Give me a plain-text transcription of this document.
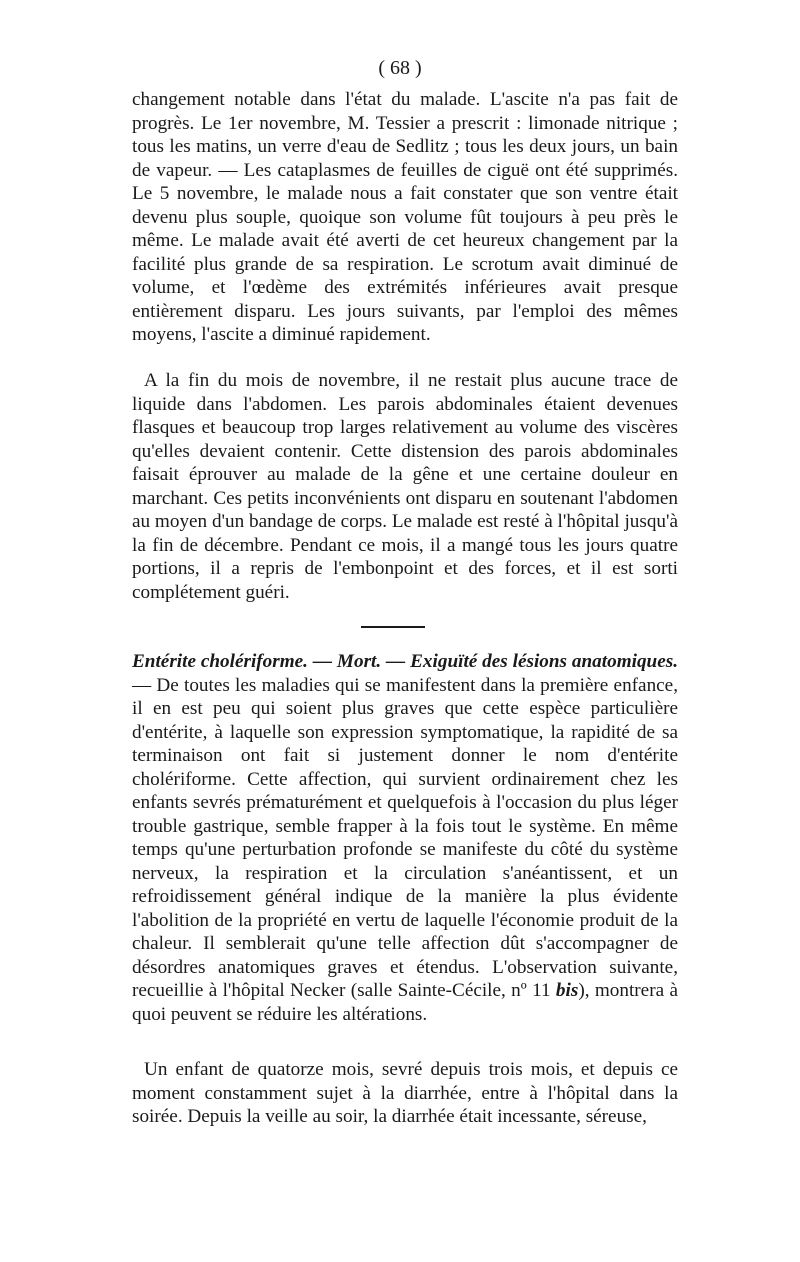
( 68 )

changement notable dans l'état du malade. L'ascite n'a pas fait de progrès. Le 1er novembre, M. Tessier a prescrit : limonade nitrique ; tous les matins, un verre d'eau de Sedlitz ; tous les deux jours, un bain de vapeur. — Les cataplasmes de feuilles de ciguë ont été supprimés. Le 5 novembre, le malade nous a fait constater que son ventre était devenu plus souple, quoique son volume fût toujours à peu près le même. Le malade avait été averti de cet heureux changement par la facilité plus grande de sa respiration. Le scrotum avait diminué de volume, et l'œdème des extrémités inférieures avait presque entièrement disparu. Les jours suivants, par l'emploi des mêmes moyens, l'ascite a diminué rapidement.

A la fin du mois de novembre, il ne restait plus aucune trace de liquide dans l'abdomen. Les parois abdominales étaient devenues flasques et beaucoup trop larges relativement au volume des viscères qu'elles devaient contenir. Cette distension des parois abdominales faisait éprouver au malade de la gêne et une certaine douleur en marchant. Ces petits inconvénients ont disparu en soutenant l'abdomen au moyen d'un bandage de corps. Le malade est resté à l'hôpital jusqu'à la fin de décembre. Pendant ce mois, il a mangé tous les jours quatre portions, il a repris de l'embonpoint et des forces, et il est sorti complétement guéri.

Entérite cholériforme. — Mort. — Exiguïté des lésions anatomiques. — De toutes les maladies qui se manifestent dans la première enfance, il en est peu qui soient plus graves que cette espèce particulière d'entérite, à laquelle son expression symptomatique, la rapidité de sa terminaison ont fait si justement donner le nom d'entérite cholériforme. Cette affection, qui survient ordinairement chez les enfants sevrés prématurément et quelquefois à l'occasion du plus léger trouble gastrique, semble frapper à la fois tout le système. En même temps qu'une perturbation profonde se manifeste du côté du système nerveux, la respiration et la circulation s'anéantissent, et un refroidissement général indique de la manière la plus évidente l'abolition de la propriété en vertu de laquelle l'économie produit de la chaleur. Il semblerait qu'une telle affection dût s'accompagner de désordres anatomiques graves et étendus. L'observation suivante, recueillie à l'hôpital Necker (salle Sainte-Cécile, nº 11 bis), montrera à quoi peuvent se réduire les altérations.

Un enfant de quatorze mois, sevré depuis trois mois, et depuis ce moment constamment sujet à la diarrhée, entre à l'hôpital dans la soirée. Depuis la veille au soir, la diarrhée était incessante, séreuse,
